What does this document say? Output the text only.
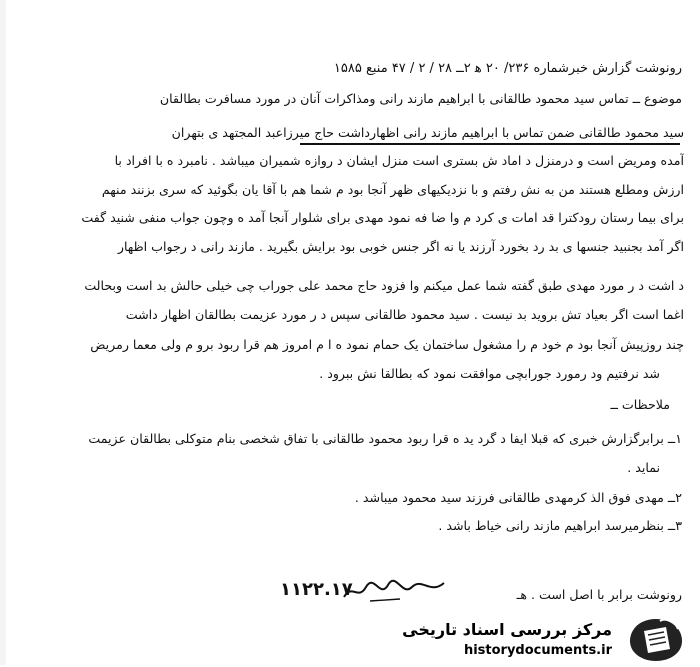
رونوشت گزارش خبرشماره ۲۳۶/ ۲۰ ه‍ ۲ــ ۲۸ / ۲ / ۴۷ منبع ۱۵۸۵
موضوع ــ تماس سید محمود طالقانی با ابراهیم مازند رانی ومذاکرات آنان در مورد مسافرت بطالقان
سید محمود طالقانی ضمن تماس با ابراهیم مازند رانی اظهارداشت حاج میرزاعبد المجتهد ی بتهران
آمده ومریض است و درمنزل د اماد ش بستری است منزل ایشان د روازه شمیران میباشد . نامبرد ه با افراد با
ارزش ومطلع هستند من به نش رفتم و با نزدیکیهای ظهر آنجا بود م شما هم با آقا یان بگوئید که سری بزنند منهم
برای بیما رستان رودکترا قد امات ی کرد م وا ضا فه نمود مهدی برای شلوار آنجا آمد ه وچون جواب منفی شنید گفت
اگر آمد بجنبید جنسها ی بد رد بخورد آرزند یا نه اگر جنس خوبی بود برایش بگیرید . مازند رانی د رجواب اظهار
د اشت د ر مورد مهدی طبق گفته شما عمل میکنم وا فزود حاج محمد علی جوراب چی خیلی حالش بد است وبحالت
اغما است اگر بعیاد تش بروید بد نیست . سید محمود طالقانی سپس د ر مورد عزیمت بطالقان اظهار داشت
چند روزپیش آنجا بود م خود م را مشغول ساختمان یک حمام نمود ه ا م امروز هم قرا ربود برو م ولی معما رمریض
شد نرفتیم ود رمورد جورابچی موافقت نمود که بطالقا نش ببرود .
ملاحظات ــ
۱ــ برابرگزارش خبری که قبلا ایفا د گرد ید ه قرا ربود محمود طالقانی با تفاق شخصی بنام متوکلی بطالقان عزیمت
نماید .
۲ــ مهدی فوق الذ کرمهدی طالقانی فرزند سید محمود میباشد .
۳ــ بنظرمیرسد ابراهیم مازند رانی خیاط باشد .
رونوشت برابر با اصل است . هـ
۱۱۲۲.۱۷
مرکز بررسی اسناد تاریخی
historydocuments.ir
